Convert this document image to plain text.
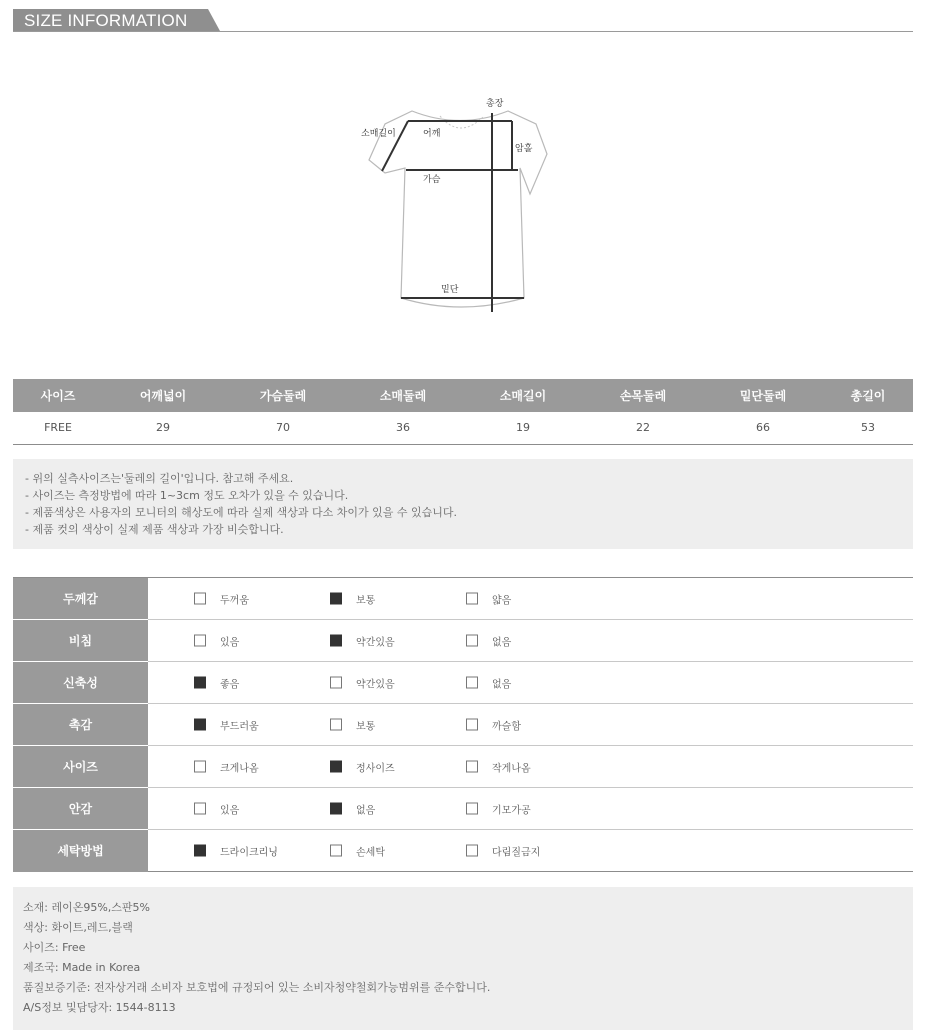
SIZE INFORMATION
총장
소매길이	어깨
암홀
가슴
밑단
사이즈	어깨넓이	가슴둘레	소매둘레	소매길이	손목둘레	밑단둘레	총길이
FREE	29	70	36	19	22	66	53
- 위의 실측사이즈는'둘레의 길이'입니다. 참고해 주세요.
- 사이즈는 측정방법에 따라 1~3cm 정도 오차가 있을 수 있습니다.
- 제품색상은 사용자의 모니터의 해상도에 따라 실제 색상과 다소 차이가 있을 수 있습니다.
- 제품 컷의 색상이 실제 제품 색상과 가장 비슷합니다.
두께감	두꺼움 보통 얇음

비침	있음 약간있음 없음

신축성	좋음 약간있음 없음

촉감	부드러움 보통 까슬함

사이즈	크게나옴 정사이즈 작게나옴

안감	있음 없음 기모가공

세탁방법	드라이크리닝 손세탁 다림질금지
소재: 레이온95%,스판5%
색상: 화이트,레드,블랙
사이즈: Free
제조국: Made in Korea
품질보증기준: 전자상거래 소비자 보호법에 규정되어 있는 소비자청약철회가능범위를 준수합니다.
A/S정보 및담당자: 1544-8113
